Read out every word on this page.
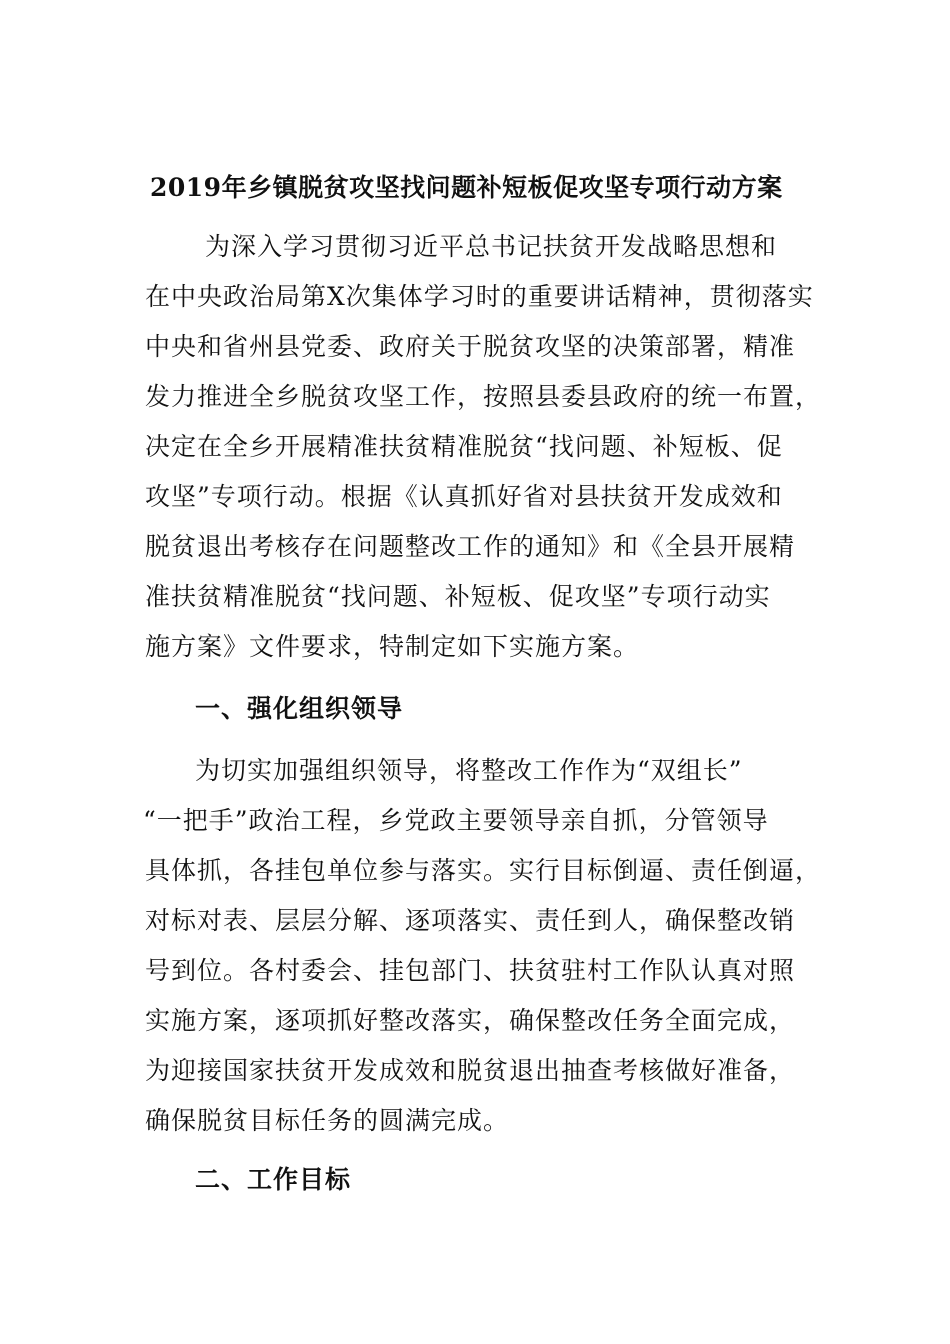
2019年乡镇脱贫攻坚找问题补短板促攻坚专项行动方案
为深入学习贯彻习近平总书记扶贫开发战略思想和
在中央政治局第X次集体学习时的重要讲话精神，贯彻落实
中央和省州县党委、政府关于脱贫攻坚的决策部署，精准
发力推进全乡脱贫攻坚工作，按照县委县政府的统一布置，
决定在全乡开展精准扶贫精准脱贫“找问题、补短板、促
攻坚”专项行动。根据《认真抓好省对县扶贫开发成效和
脱贫退出考核存在问题整改工作的通知》和《全县开展精
准扶贫精准脱贫“找问题、补短板、促攻坚”专项行动实
施方案》文件要求，特制定如下实施方案。
一、强化组织领导
为切实加强组织领导，将整改工作作为“双组长”
“一把手”政治工程，乡党政主要领导亲自抓，分管领导
具体抓，各挂包单位参与落实。实行目标倒逼、责任倒逼，
对标对表、层层分解、逐项落实、责任到人，确保整改销
号到位。各村委会、挂包部门、扶贫驻村工作队认真对照
实施方案，逐项抓好整改落实，确保整改任务全面完成，
为迎接国家扶贫开发成效和脱贫退出抽查考核做好准备，
确保脱贫目标任务的圆满完成。
二、工作目标
